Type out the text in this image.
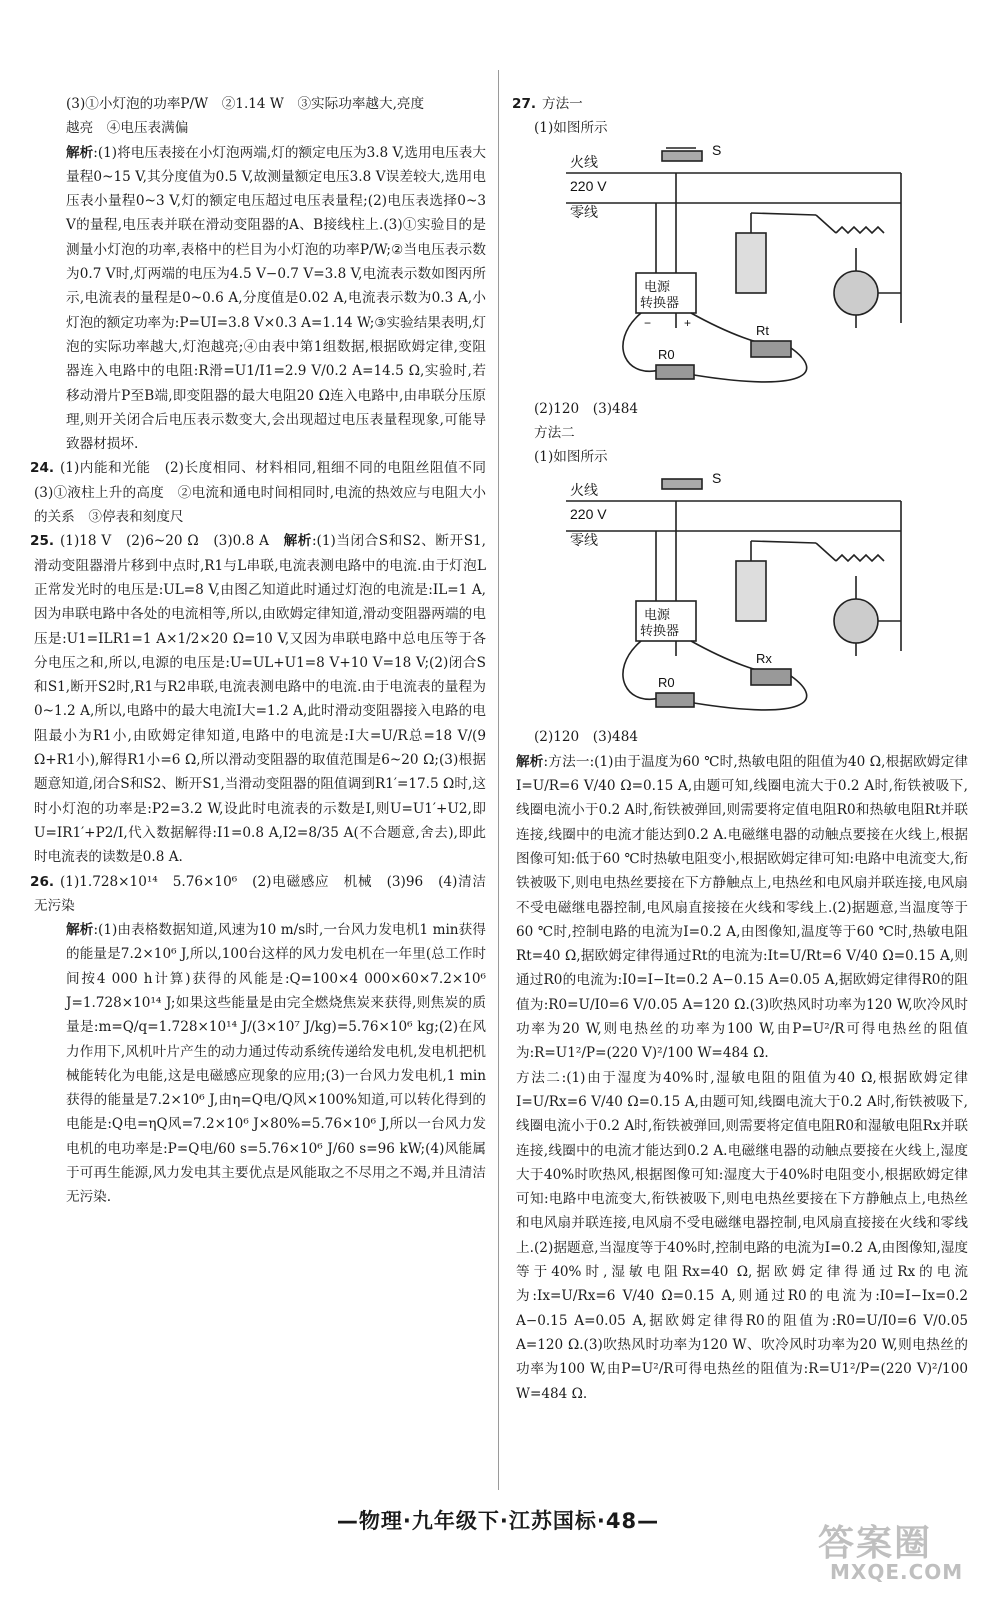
(3)①小灯泡的功率P/W　②1.14 W　③实际功率越大,亮度

越亮　④电压表满偏

解析:(1)将电压表接在小灯泡两端,灯的额定电压为3.8 V,选用电压表大量程0~15 V,其分度值为0.5 V,故测量额定电压3.8 V误差较大,选用电压表小量程0~3 V,灯的额定电压超过电压表量程;(2)电压表选择0~3 V的量程,电压表并联在滑动变阻器的A、B接线柱上.(3)①实验目的是测量小灯泡的功率,表格中的栏目为小灯泡的功率P/W;②当电压表示数为0.7 V时,灯两端的电压为4.5 V−0.7 V=3.8 V,电流表示数如图丙所示,电流表的量程是0~0.6 A,分度值是0.02 A,电流表示数为0.3 A,小灯泡的额定功率为:P=UI=3.8 V×0.3 A=1.14 W;③实验结果表明,灯泡的实际功率越大,灯泡越亮;④由表中第1组数据,根据欧姆定律,变阻器连入电路中的电阻:R滑=U1/I1=2.9 V/0.2 A=14.5 Ω,实验时,若移动滑片P至B端,即变阻器的最大电阻20 Ω连入电路中,由串联分压原理,则开关闭合后电压表示数变大,会出现超过电压表量程现象,可能导致器材损坏.

24. (1)内能和光能　(2)长度相同、材料相同,粗细不同的电阻丝阻值不同　(3)①液柱上升的高度　②电流和通电时间相同时,电流的热效应与电阻大小的关系　③停表和刻度尺

25. (1)18 V　(2)6~20 Ω　(3)0.8 A　解析:(1)当闭合S和S2、断开S1,滑动变阻器滑片移到中点时,R1与L串联,电流表测电路中的电流.由于灯泡L正常发光时的电压是:UL=8 V,由图乙知道此时通过灯泡的电流是:IL=1 A,因为串联电路中各处的电流相等,所以,由欧姆定律知道,滑动变阻器两端的电压是:U1=ILR1=1 A×1/2×20 Ω=10 V,又因为串联电路中总电压等于各分电压之和,所以,电源的电压是:U=UL+U1=8 V+10 V=18 V;(2)闭合S和S1,断开S2时,R1与R2串联,电流表测电路中的电流.由于电流表的量程为0~1.2 A,所以,电路中的最大电流I大=1.2 A,此时滑动变阻器接入电路的电阻最小为R1小,由欧姆定律知道,电路中的电流是:I大=U/R总=18 V/(9 Ω+R1小),解得R1小=6 Ω,所以滑动变阻器的取值范围是6~20 Ω;(3)根据题意知道,闭合S和S2、断开S1,当滑动变阻器的阻值调到R1′=17.5 Ω时,这时小灯泡的功率是:P2=3.2 W,设此时电流表的示数是I,则U=U1′+U2,即U=IR1′+P2/I,代入数据解得:I1=0.8 A,I2=8/35 A(不合题意,舍去),即此时电流表的读数是0.8 A.

26. (1)1.728×10¹⁴　5.76×10⁶　(2)电磁感应　机械　(3)96　(4)清洁无污染

解析:(1)由表格数据知道,风速为10 m/s时,一台风力发电机1 min获得的能量是7.2×10⁶ J,所以,100台这样的风力发电机在一年里(总工作时间按4 000 h计算)获得的风能是:Q=100×4 000×60×7.2×10⁶ J=1.728×10¹⁴ J;如果这些能量是由完全燃烧焦炭来获得,则焦炭的质量是:m=Q/q=1.728×10¹⁴ J/(3×10⁷ J/kg)=5.76×10⁶ kg;(2)在风力作用下,风机叶片产生的动力通过传动系统传递给发电机,发电机把机械能转化为电能,这是电磁感应现象的应用;(3)一台风力发电机,1 min获得的能量是7.2×10⁶ J,由η=Q电/Q风×100%知道,可以转化得到的电能是:Q电=ηQ风=7.2×10⁶ J×80%=5.76×10⁶ J,所以一台风力发电机的电功率是:P=Q电/60 s=5.76×10⁶ J/60 s=96 kW;(4)风能属于可再生能源,风力发电其主要优点是风能取之不尽用之不竭,并且清洁无污染.

27. 方法一

(1)如图所示

火线
220 V
零线
S
电源
转换器
−	+	Rt
R0

(2)120　(3)484

方法二

(1)如图所示

火线
220 V
零线
S
电源
转换器
Rx
R0

(2)120　(3)484

解析:方法一:(1)由于温度为60 ℃时,热敏电阻的阻值为40 Ω,根据欧姆定律I=U/R=6 V/40 Ω=0.15 A,由题可知,线圈电流大于0.2 A时,衔铁被吸下,线圈电流小于0.2 A时,衔铁被弹回,则需要将定值电阻R0和热敏电阻Rt并联连接,线圈中的电流才能达到0.2 A.电磁继电器的动触点要接在火线上,根据图像可知:低于60 ℃时热敏电阻变小,根据欧姆定律可知:电路中电流变大,衔铁被吸下,则电电热丝要接在下方静触点上,电热丝和电风扇并联连接,电风扇不受电磁继电器控制,电风扇直接接在火线和零线上.(2)据题意,当温度等于60 ℃时,控制电路的电流为I=0.2 A,由图像知,温度等于60 ℃时,热敏电阻Rt=40 Ω,据欧姆定律得通过Rt的电流为:It=U/Rt=6 V/40 Ω=0.15 A,则通过R0的电流为:I0=I−It=0.2 A−0.15 A=0.05 A,据欧姆定律得R0的阻值为:R0=U/I0=6 V/0.05 A=120 Ω.(3)吹热风时功率为120 W,吹冷风时功率为20 W,则电热丝的功率为100 W,由P=U²/R可得电热丝的阻值为:R=U1²/P=(220 V)²/100 W=484 Ω.

方法二:(1)由于湿度为40%时,湿敏电阻的阻值为40 Ω,根据欧姆定律I=U/Rx=6 V/40 Ω=0.15 A,由题可知,线圈电流大于0.2 A时,衔铁被吸下,线圈电流小于0.2 A时,衔铁被弹回,则需要将定值电阻R0和湿敏电阻Rx并联连接,线圈中的电流才能达到0.2 A.电磁继电器的动触点要接在火线上,湿度大于40%时吹热风,根据图像可知:湿度大于40%时电阻变小,根据欧姆定律可知:电路中电流变大,衔铁被吸下,则电电热丝要接在下方静触点上,电热丝和电风扇并联连接,电风扇不受电磁继电器控制,电风扇直接接在火线和零线上.(2)据题意,当湿度等于40%时,控制电路的电流为I=0.2 A,由图像知,湿度等于40%时,湿敏电阻Rx=40 Ω,据欧姆定律得通过Rx的电流为:Ix=U/Rx=6 V/40 Ω=0.15 A,则通过R0的电流为:I0=I−Ix=0.2 A−0.15 A=0.05 A,据欧姆定律得R0的阻值为:R0=U/I0=6 V/0.05 A=120 Ω.(3)吹热风时功率为120 W、吹冷风时功率为20 W,则电热丝的功率为100 W,由P=U²/R可得电热丝的阻值为:R=U1²/P=(220 V)²/100 W=484 Ω.

—物理·九年级下·江苏国标·48—
答案圈
MXQE.COM
